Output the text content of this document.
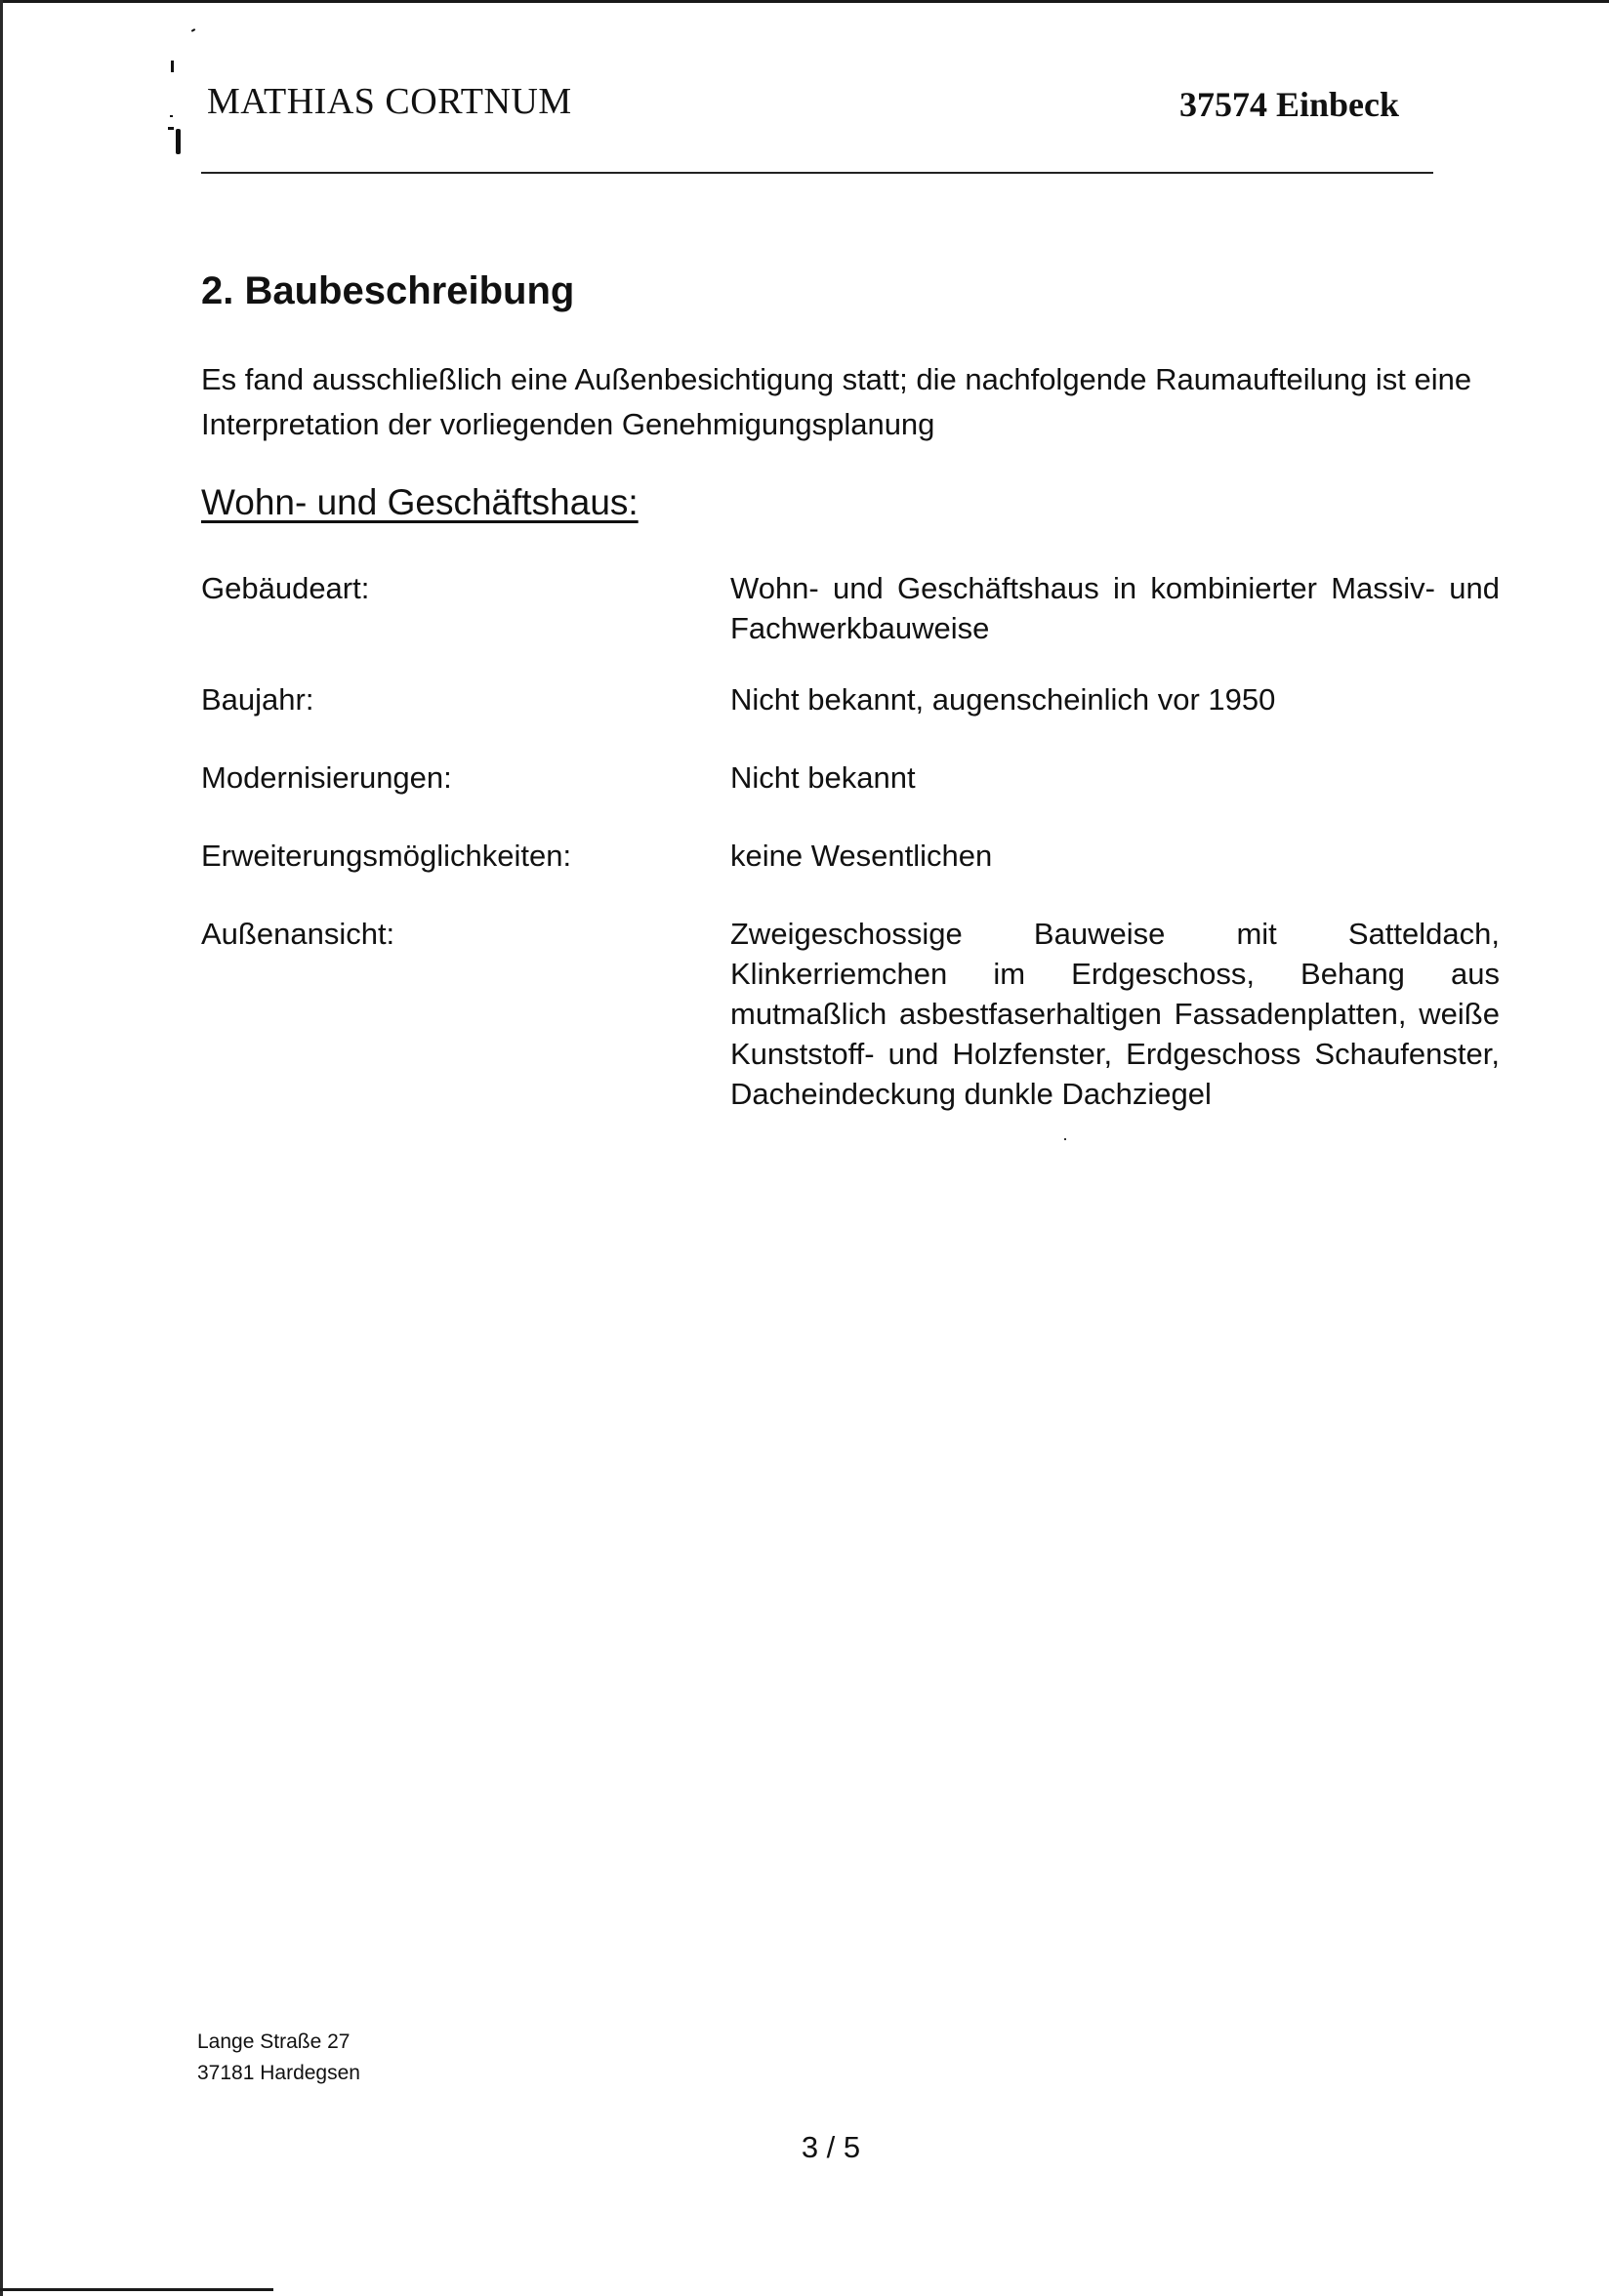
MATHIAS CORTNUM	37574 Einbeck
2. Baubeschreibung
Es fand ausschließlich eine Außenbesichtigung statt; die nachfolgende Raumaufteilung ist eine Interpretation der vorliegenden Genehmigungsplanung
Wohn- und Geschäftshaus:
Gebäudeart:	Wohn- und Geschäftshaus in kombinierter Massiv- und Fachwerkbauweise
Baujahr:	Nicht bekannt, augenscheinlich vor 1950
Modernisierungen:	Nicht bekannt
Erweiterungsmöglichkeiten:	keine Wesentlichen
Außenansicht:	Zweigeschossige Bauweise mit Satteldach, Klinkerriemchen im Erdgeschoss, Behang aus mutmaßlich asbestfaserhaltigen Fassadenplatten, weiße Kunststoff- und Holzfenster, Erdgeschoss Schaufenster, Dacheindeckung dunkle Dachziegel
Lange Straße 27
37181 Hardegsen
3 / 5
